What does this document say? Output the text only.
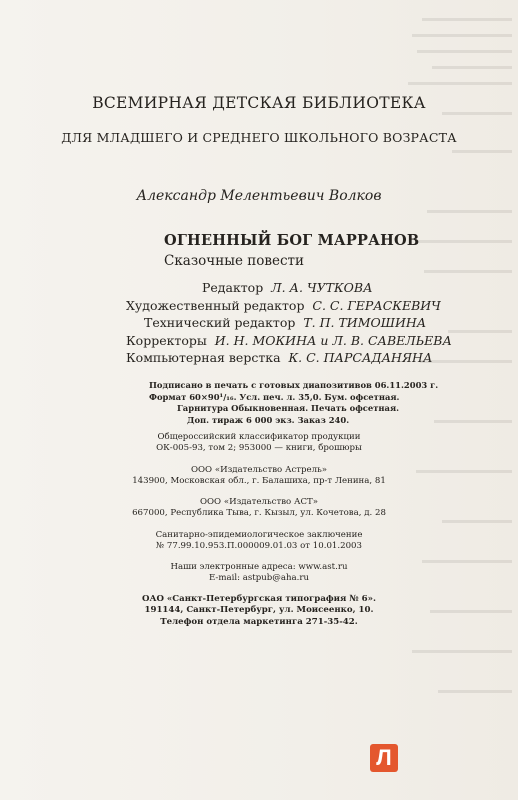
ВСЕМИРНАЯ ДЕТСКАЯ БИБЛИОТЕКА
ДЛЯ МЛАДШЕГО И СРЕДНЕГО ШКОЛЬНОГО ВОЗРАСТА
Александр Мелентьевич Волков
ОГНЕННЫЙ БОГ МАРРАНОВ
Сказочные повести
Редактор Л. А. ЧУТКОВА
Художественный редактор С. С. ГЕРАСКЕВИЧ
Технический редактор Т. П. ТИМОШИНА
Корректоры И. Н. МОКИНА и Л. В. САВЕЛЬЕВА
Компьютерная верстка К. С. ПАРСАДАНЯНА
Подписано в печать с готовых диапозитивов 06.11.2003 г.
Формат 60×90¹/₁₆. Усл. печ. л. 35,0. Бум. офсетная.
Гарнитура Обыкновенная. Печать офсетная.
Доп. тираж 6 000 экз. Заказ 240.
Общероссийский классификатор продукции
ОК-005-93, том 2; 953000 — книги, брошюры
ООО «Издательство Астрель»
143900, Московская обл., г. Балашиха, пр-т Ленина, 81
ООО «Издательство АСТ»
667000, Республика Тыва, г. Кызыл, ул. Кочетова, д. 28
Санитарно-эпидемиологическое заключение
№ 77.99.10.953.П.000009.01.03 от 10.01.2003
Наши электронные адреса: www.ast.ru
E-mail: astpub@aha.ru
ОАО «Санкт-Петербургская типография № 6».
191144, Санкт-Петербург, ул. Моисеенко, 10.
Телефон отдела маркетинга 271-35-42.
Л
